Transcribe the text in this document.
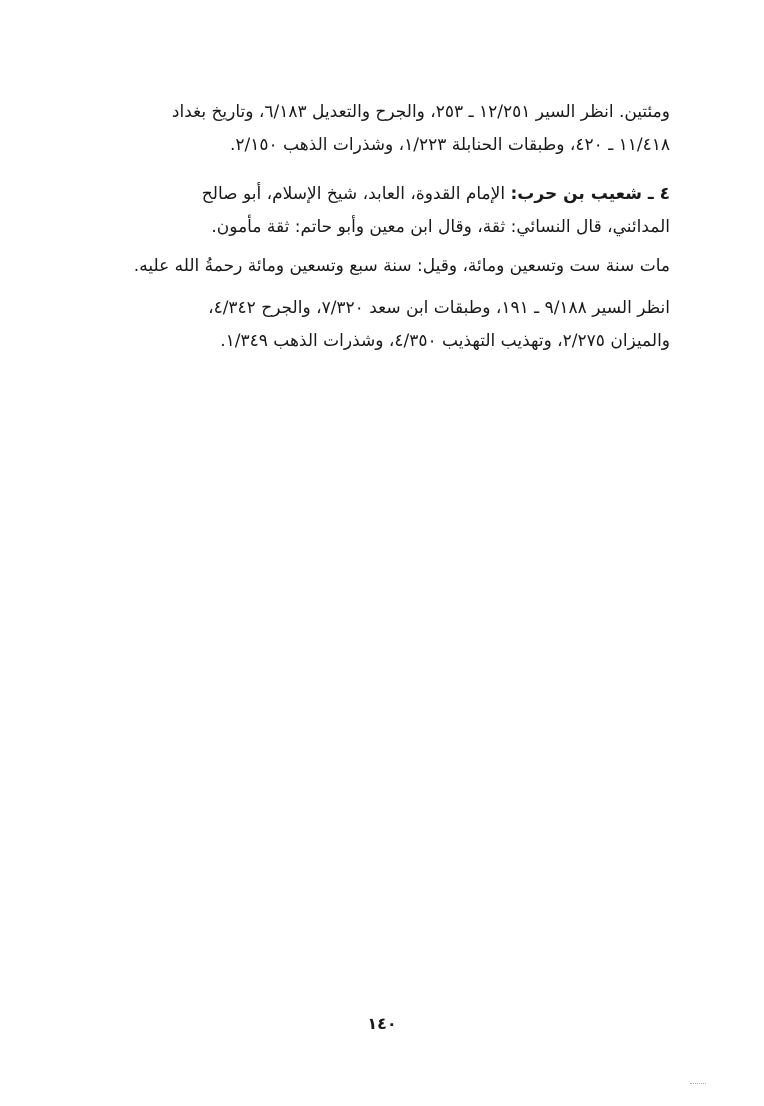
ومئتين. انظر السير ١٢/٢٥١ ـ ٢٥٣، والجرح والتعديل ٦/١٨٣، وتاريخ بغداد
١١/٤١٨ ـ ٤٢٠، وطبقات الحنابلة ١/٢٢٣، وشذرات الذهب ٢/١٥٠.
٤ ـ شعيب بن حرب: الإمام القدوة، العابد، شيخ الإسلام، أبو صالح
المدائني، قال النسائي: ثقة، وقال ابن معين وأبو حاتم: ثقة مأمون.
مات سنة ست وتسعين ومائة، وقيل: سنة سبع وتسعين ومائة رحمةُ الله عليه.
انظر السير ٩/١٨٨ ـ ١٩١، وطبقات ابن سعد ٧/٣٢٠، والجرح ٤/٣٤٢،
والميزان ٢/٢٧٥، وتهذيب التهذيب ٤/٣٥٠، وشذرات الذهب ١/٣٤٩.
١٤٠
